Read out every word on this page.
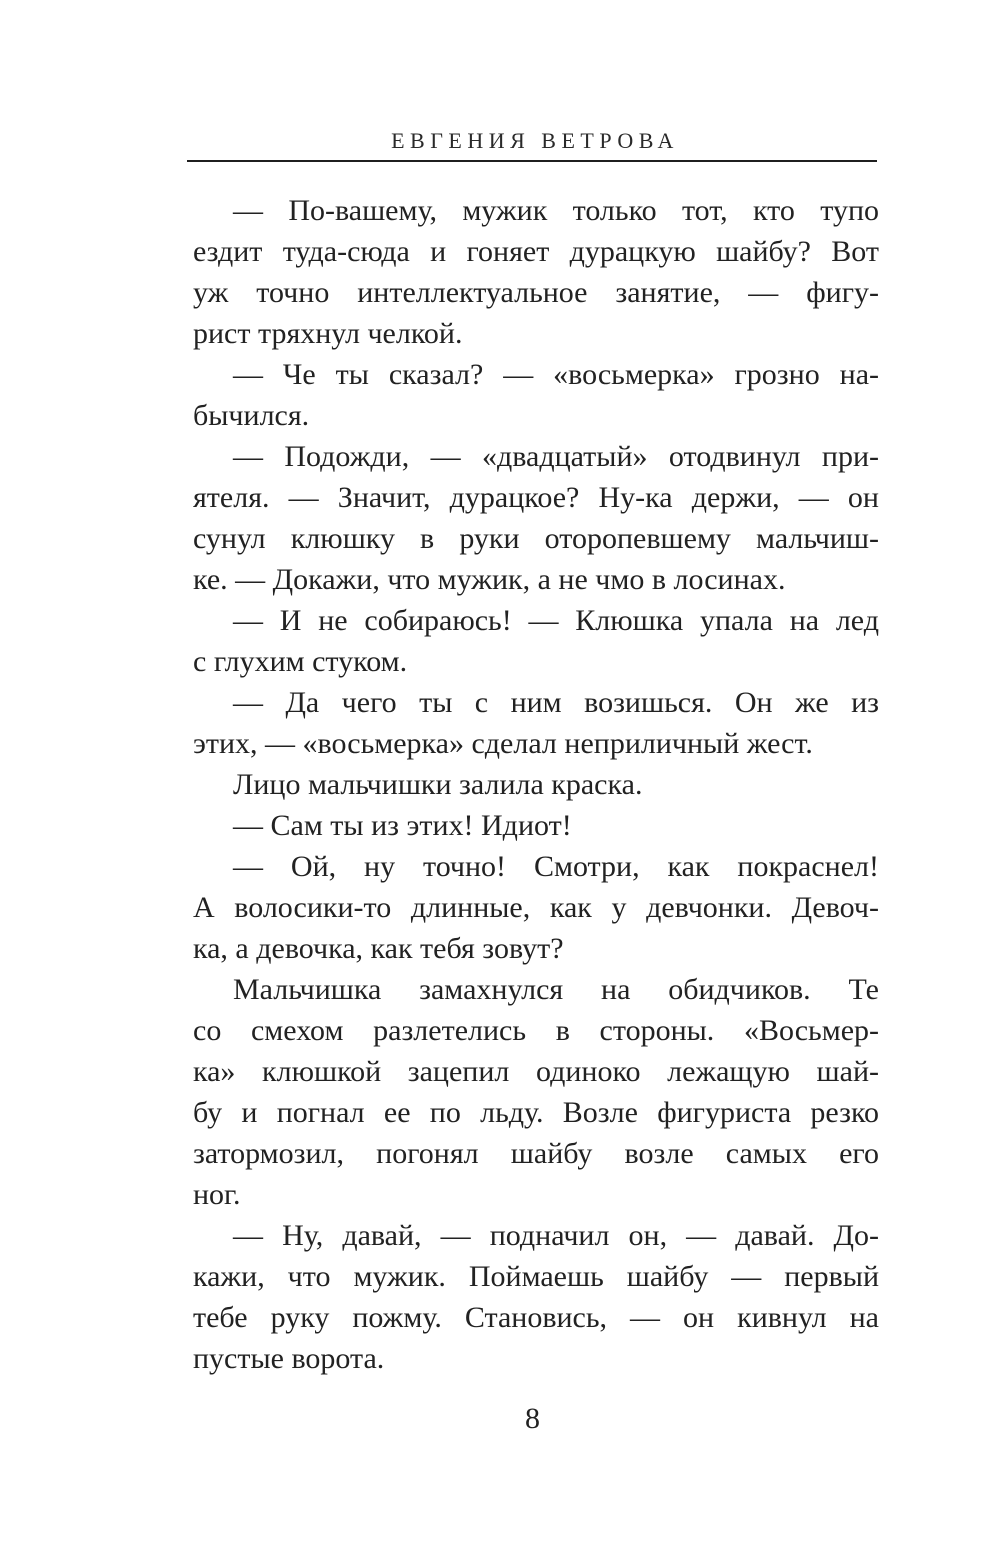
ЕВГЕНИЯ ВЕТРОВА
— По-вашему, мужик только тот, кто тупо
ездит туда-сюда и гоняет дурацкую шайбу? Вот
уж точно интеллектуальное занятие, — фигу-
рист тряхнул челкой.
— Че ты сказал? — «восьмерка» грозно на-
бычился.
— Подожди, — «двадцатый» отодвинул при-
ятеля. — Значит, дурацкое? Ну-ка держи, — он
сунул клюшку в руки оторопевшему мальчиш-
ке. — Докажи, что мужик, а не чмо в лосинах.
— И не собираюсь! — Клюшка упала на лед
с глухим стуком.
— Да чего ты с ним возишься. Он же из
этих, — «восьмерка» сделал неприличный жест.
Лицо мальчишки залила краска.
— Сам ты из этих! Идиот!
— Ой, ну точно! Смотри, как покраснел!
А волосики-то длинные, как у девчонки. Девоч-
ка, а девочка, как тебя зовут?
Мальчишка замахнулся на обидчиков. Те
со смехом разлетелись в стороны. «Восьмер-
ка» клюшкой зацепил одиноко лежащую шай-
бу и погнал ее по льду. Возле фигуриста резко
затормозил, погонял шайбу возле самых его
ног.
— Ну, давай, — подначил он, — давай. До-
кажи, что мужик. Поймаешь шайбу — первый
тебе руку пожму. Становись, — он кивнул на
пустые ворота.
8
